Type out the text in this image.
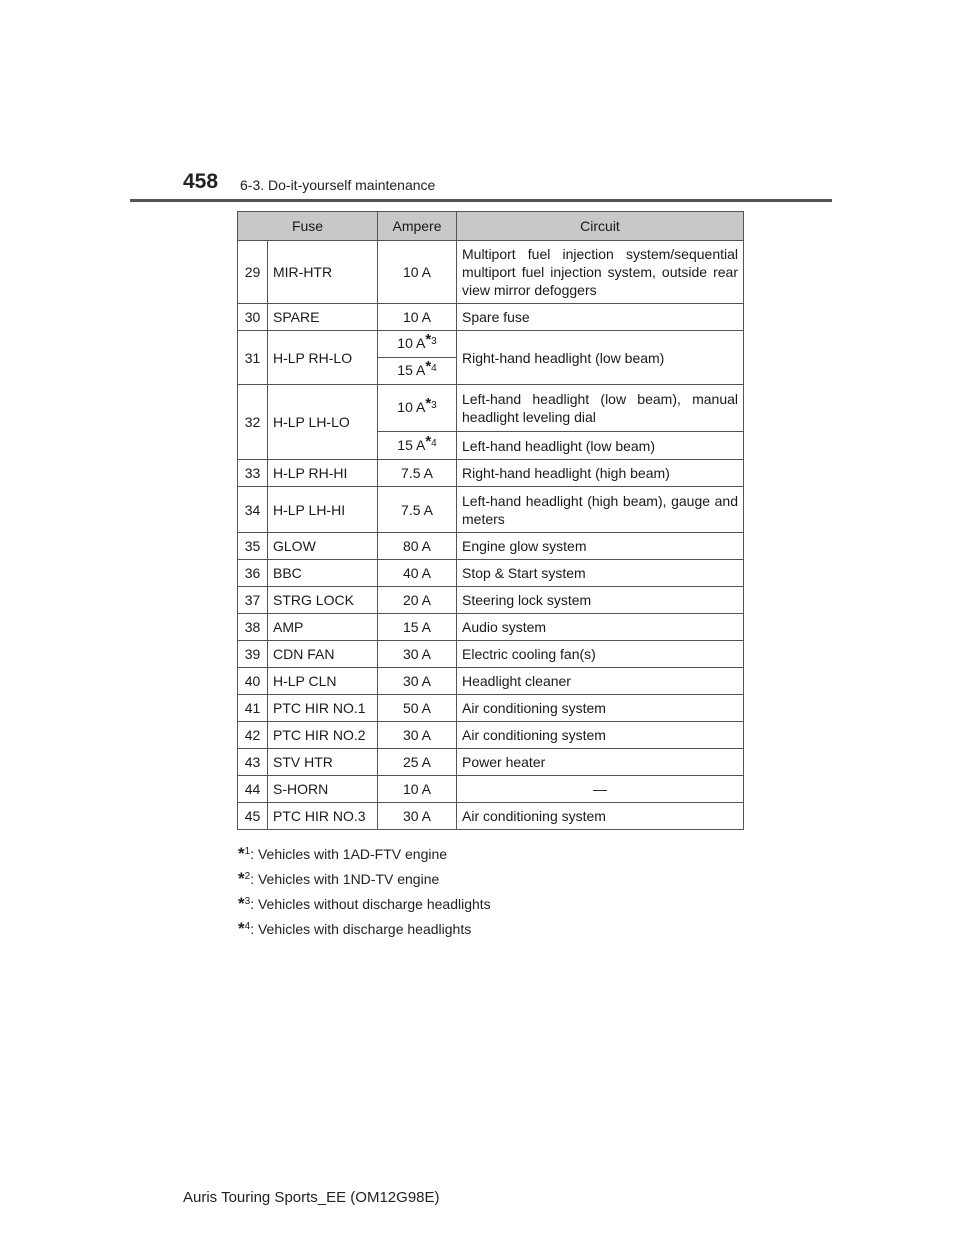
458 6-3. Do-it-yourself maintenance
Fuse		Ampere	Circuit
29	MIR-HTR	10 A	Multiport fuel injection system/sequential multiport fuel injection system, outside rear view mirror defoggers
30	SPARE	10 A	Spare fuse
31	H-LP RH-LO	10 $A^{*3}$	Right-hand headlight (low beam)
		15 $A^{*4}$
32	H-LP LH-LO	10 $A^{*3}$	Left-hand headlight (low beam), manual headlight leveling dial
		15 $A^{*4}$	Left-hand headlight (low beam)
33	H-LP RH-HI	7.5 A	Right-hand headlight (high beam)
34	H-LP LH-HI	7.5 A	Left-hand headlight (high beam), gauge and meters
35	GLOW	80 A	Engine glow system
36	BBC	40 A	Stop & Start system
37	STRG LOCK	20 A	Steering lock system
38	AMP	15 A	Audio system
39	CDN FAN	30 A	Electric cooling fan(s)
40	H-LP CLN	30 A	Headlight cleaner
41	PTC HIR NO.1	50 A	Air conditioning system
42	PTC HIR NO.2	30 A	Air conditioning system
43	STV HTR	25 A	Power heater
44	S-HORN	10 A	—
45	PTC HIR NO.3	30 A	Air conditioning system
*$^1$: Vehicles with 1AD-FTV engine
*$^2$: Vehicles with 1ND-TV engine
*$^3$: Vehicles without discharge headlights
*$^4$: Vehicles with discharge headlights
Auris Touring Sports_EE (OM12G98E)
